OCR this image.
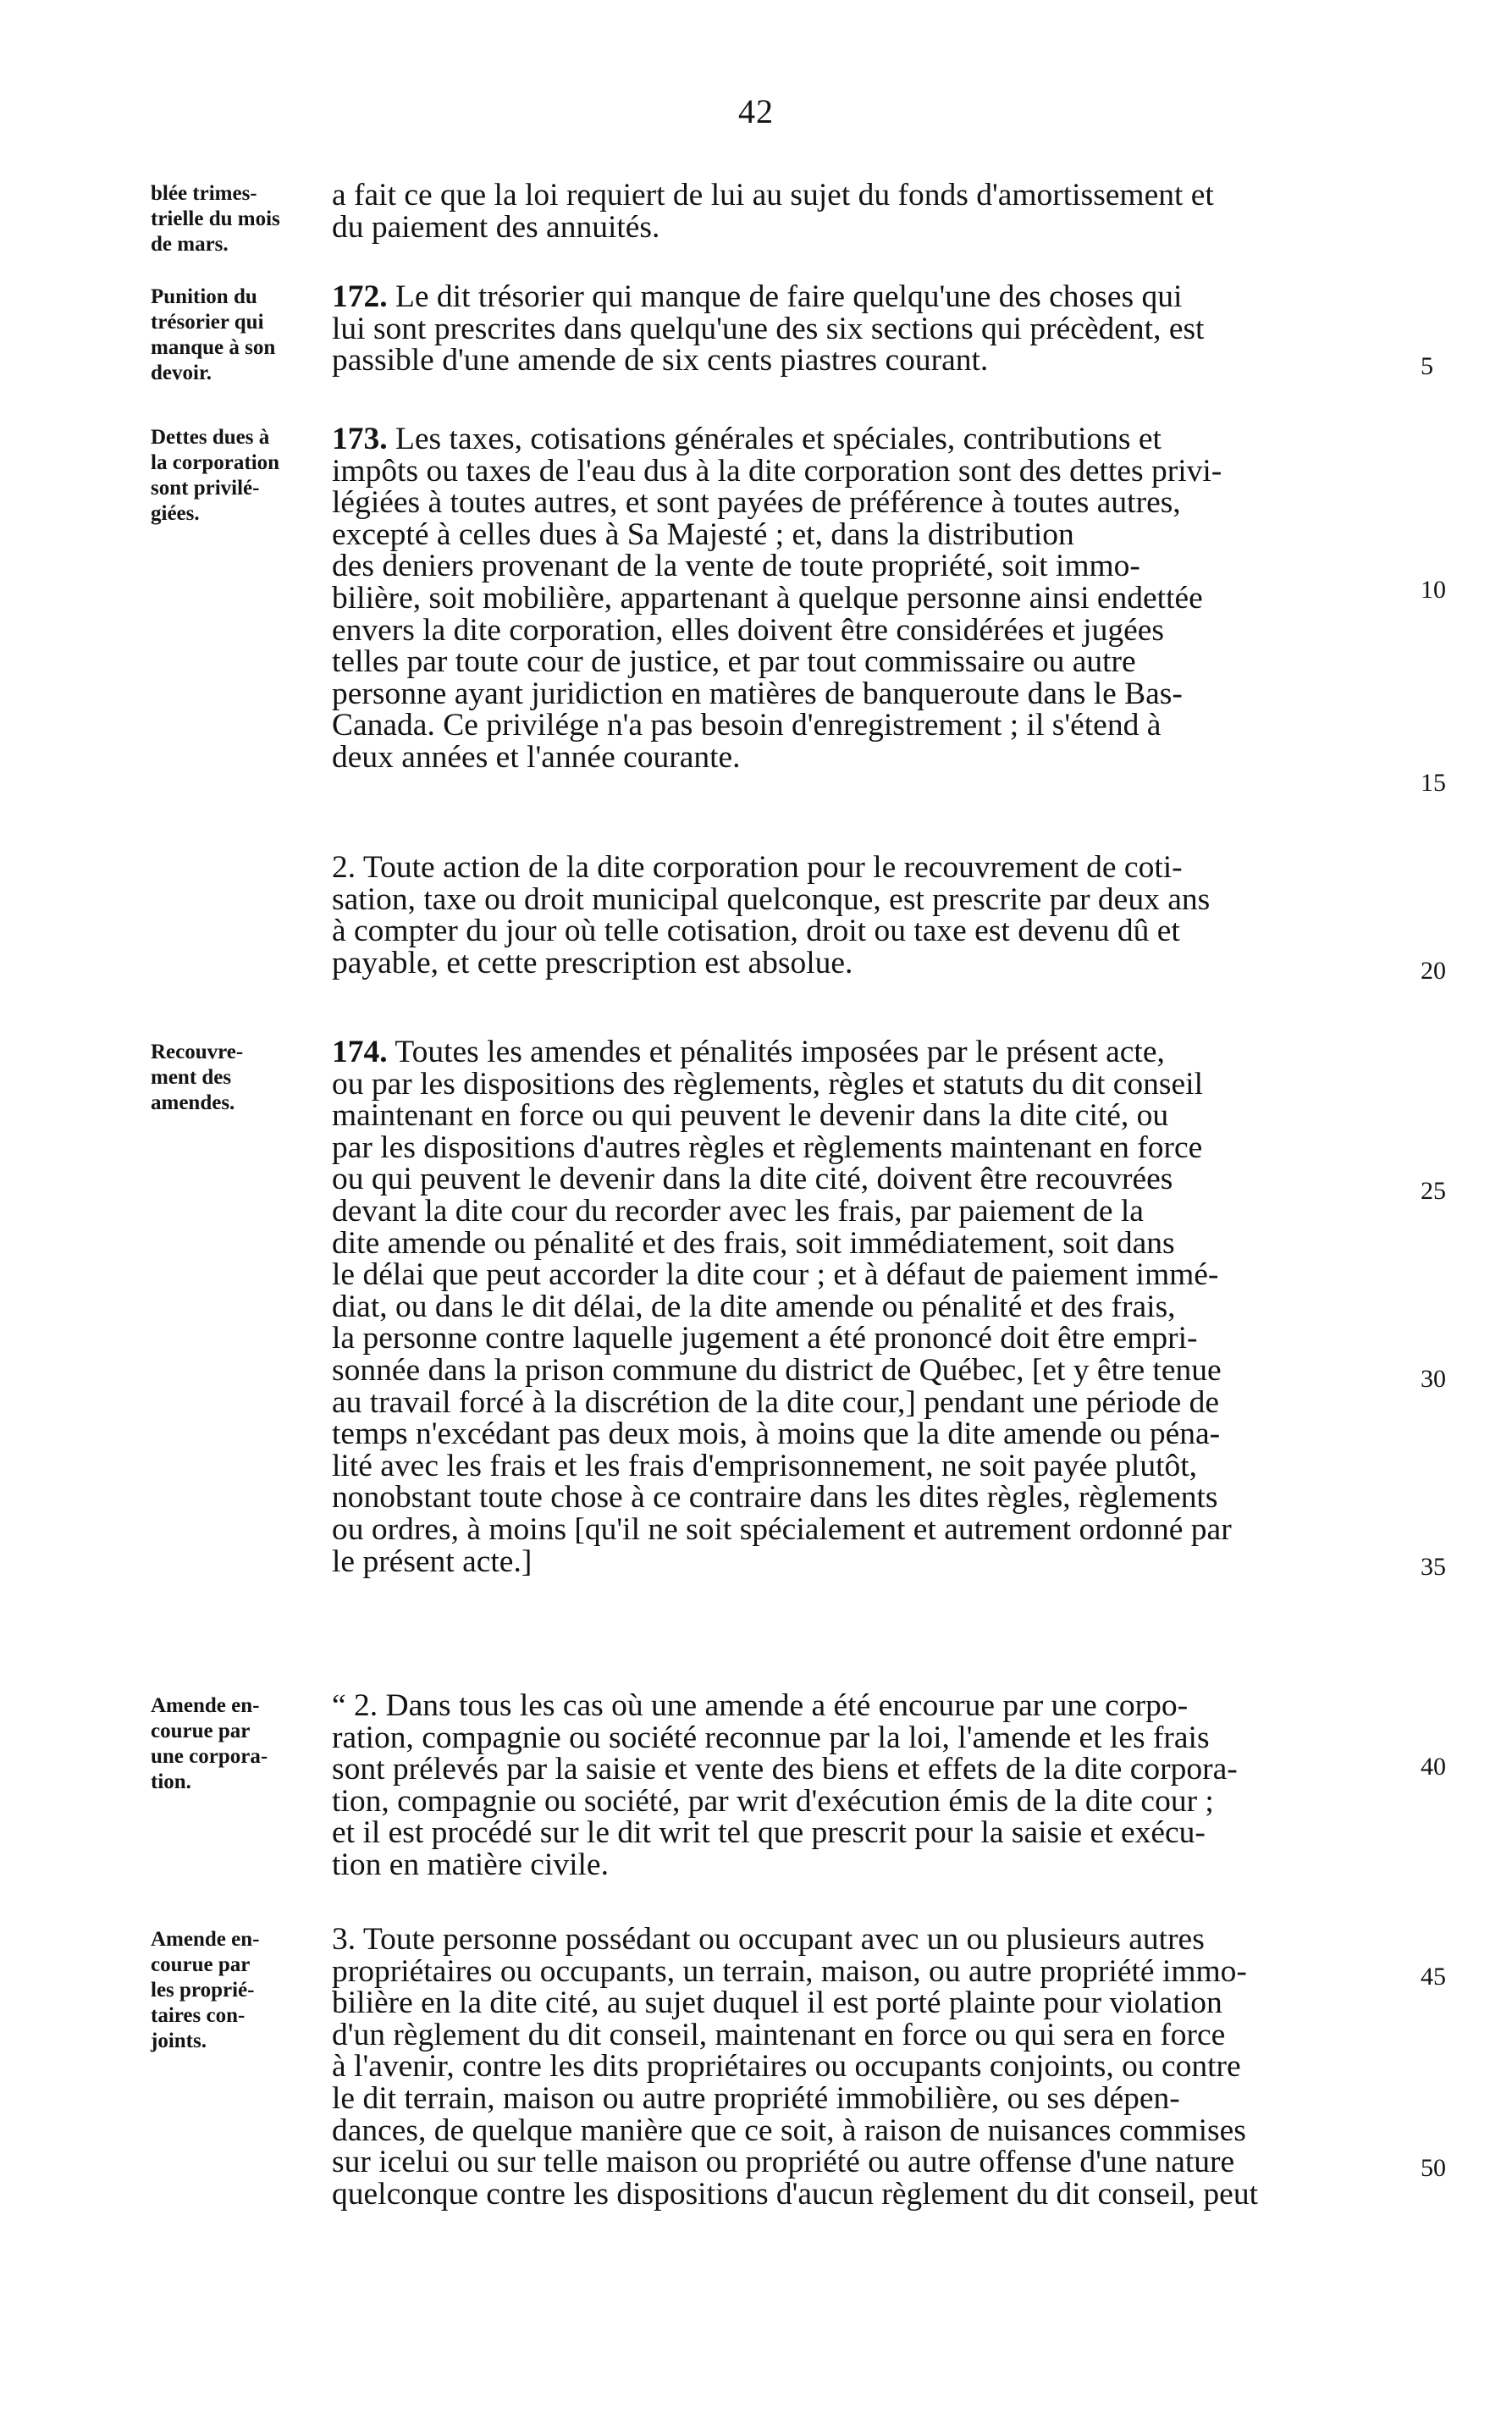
42
blée trimes-
trielle du mois
de mars.

a fait ce que la loi requiert de lui au sujet du fonds d'amortissement et

du paiement des annuités.

Punition du
trésorier qui
manque à son
devoir.

172. Le dit trésorier qui manque de faire quelqu'une des choses qui

lui sont prescrites dans quelqu'une des six sections qui précèdent, est

passible d'une amende de six cents piastres courant.

Dettes dues à
la corporation
sont privilé-
giées.

173. Les taxes, cotisations générales et spéciales, contributions et

impôts ou taxes de l'eau dus à la dite corporation sont des dettes privi-

légiées à toutes autres, et sont payées de préférence à toutes autres,

excepté à celles dues à Sa Majesté ; et, dans la distribution

des deniers provenant de la vente de toute propriété, soit immo-

bilière, soit mobilière, appartenant à quelque personne ainsi endettée

envers la dite corporation, elles doivent être considérées et jugées

telles par toute cour de justice, et par tout commissaire ou autre

personne ayant juridiction en matières de banqueroute dans le Bas-

Canada. Ce privilége n'a pas besoin d'enregistrement ; il s'étend à

deux années et l'année courante.

2. Toute action de la dite corporation pour le recouvrement de coti-

sation, taxe ou droit municipal quelconque, est prescrite par deux ans

à compter du jour où telle cotisation, droit ou taxe est devenu dû et

payable, et cette prescription est absolue.

Recouvre-
ment des
amendes.

174. Toutes les amendes et pénalités imposées par le présent acte,

ou par les dispositions des règlements, règles et statuts du dit conseil

maintenant en force ou qui peuvent le devenir dans la dite cité, ou

par les dispositions d'autres règles et règlements maintenant en force

ou qui peuvent le devenir dans la dite cité, doivent être recouvrées

devant la dite cour du recorder avec les frais, par paiement de la

dite amende ou pénalité et des frais, soit immédiatement, soit dans

le délai que peut accorder la dite cour ; et à défaut de paiement immé-

diat, ou dans le dit délai, de la dite amende ou pénalité et des frais,

la personne contre laquelle jugement a été prononcé doit être empri-

sonnée dans la prison commune du district de Québec, [et y être tenue

au travail forcé à la discrétion de la dite cour,] pendant une période de

temps n'excédant pas deux mois, à moins que la dite amende ou péna-

lité avec les frais et les frais d'emprisonnement, ne soit payée plutôt,

nonobstant toute chose à ce contraire dans les dites règles, règlements

ou ordres, à moins [qu'il ne soit spécialement et autrement ordonné par

le présent acte.]

Amende en-
courue par
une corpora-
tion.

“ 2. Dans tous les cas où une amende a été encourue par une corpo-

ration, compagnie ou société reconnue par la loi, l'amende et les frais

sont prélevés par la saisie et vente des biens et effets de la dite corpora-

tion, compagnie ou société, par writ d'exécution émis de la dite cour ;

et il est procédé sur le dit writ tel que prescrit pour la saisie et exécu-

tion en matière civile.

Amende en-
courue par
les proprié-
taires con-
joints.

3. Toute personne possédant ou occupant avec un ou plusieurs autres

propriétaires ou occupants, un terrain, maison, ou autre propriété immo-

bilière en la dite cité, au sujet duquel il est porté plainte pour violation

d'un règlement du dit conseil, maintenant en force ou qui sera en force

à l'avenir, contre les dits propriétaires ou occupants conjoints, ou contre

le dit terrain, maison ou autre propriété immobilière, ou ses dépen-

dances, de quelque manière que ce soit, à raison de nuisances commises

sur icelui ou sur telle maison ou propriété ou autre offense d'une nature

quelconque contre les dispositions d'aucun règlement du dit conseil, peut

5
10
15
20
25
30
35
40
45
50
